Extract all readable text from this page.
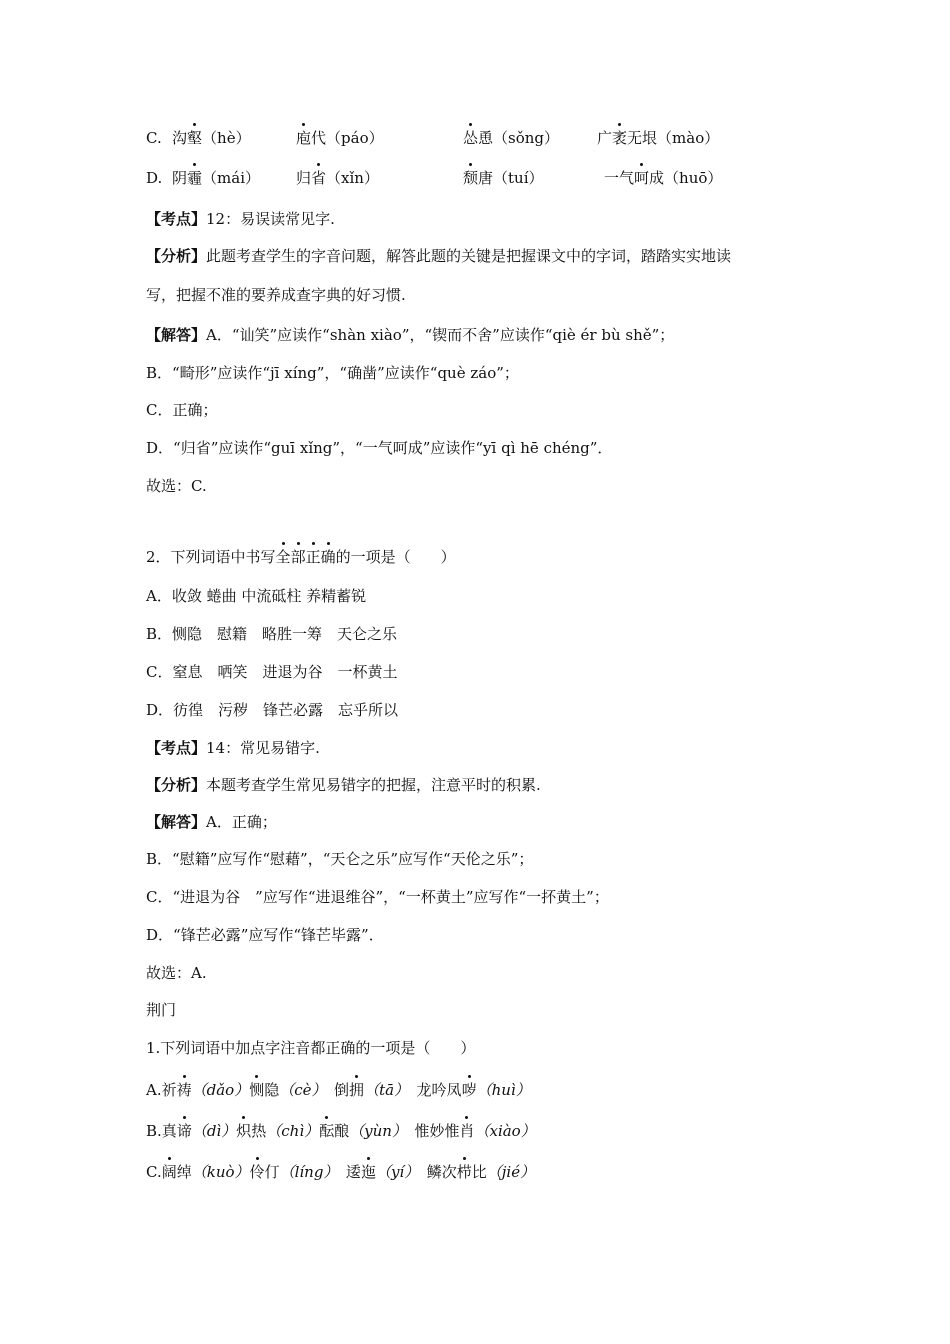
C. 沟壑（hè）	庖代（páo）	怂恿（sǒng）	广袤无垠（mào）
D. 阴霾（mái） 归省（xǐn）	颓唐（tuí）	一气呵成（huō）
【考点】12：易误读常见字.
【分析】此题考查学生的字音问题，解答此题的关键是把握课文中的字词，踏踏实实地读
写，把握不准的要养成查字典的好习惯.
【解答】A．“讪笑”应读作“shàn xiào”，“锲而不舍”应读作“qiè ér bù shě”；
B．“畸形”应读作“jī xíng”，“确凿”应读作“què záo”；
C．正确；
D．“归省”应读作“guī xǐng”，“一气呵成”应读作“yī qì hē chéng”．
故选：C.
2．下列词语中书写全部正确的一项是（　　）
A．收敛 蜷曲 中流砥柱 养精蓄锐
B．恻隐　慰籍　略胜一筹　天仑之乐
C．窒息　哂笑　进退为谷　一杯黄土
D．彷徨　污秽　锋芒必露　忘乎所以
【考点】14：常见易错字.
【分析】本题考查学生常见易错字的把握，注意平时的积累.
【解答】A．正确；
B．“慰籍”应写作“慰藉”，“天仑之乐”应写作“天伦之乐”；
C．“进退为谷　”应写作“进退维谷”，“一杯黄土”应写作“一抔黄土”；
D．“锋芒必露”应写作“锋芒毕露”．
故选：A.
荆门
1.下列词语中加点字注音都正确的一项是（　　）
A.祈祷（dǎo）恻隐（cè）　倒拥（tā）　龙吟凤哕（huì）
B.真谛（dì）炽热（chì）酝酿（yùn）　惟妙惟肖（xiào）
C.阔绰（kuò）伶仃（líng）　逶迤（yí）　鳞次栉比（jié）
